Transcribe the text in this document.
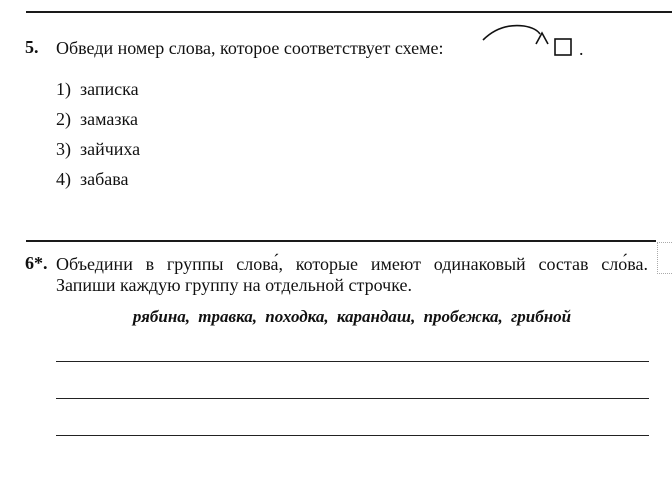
5. Обведи номер слова, которое соответствует схеме:	.
1) записка
2) замазка
3) зайчиха
4) забава
6*. Объедини в группы слова́, которые имеют одинаковый состав сло́ва.
Запиши каждую группу на отдельной строчке.
рябина, травка, походка, карандаш, пробежка, грибной
